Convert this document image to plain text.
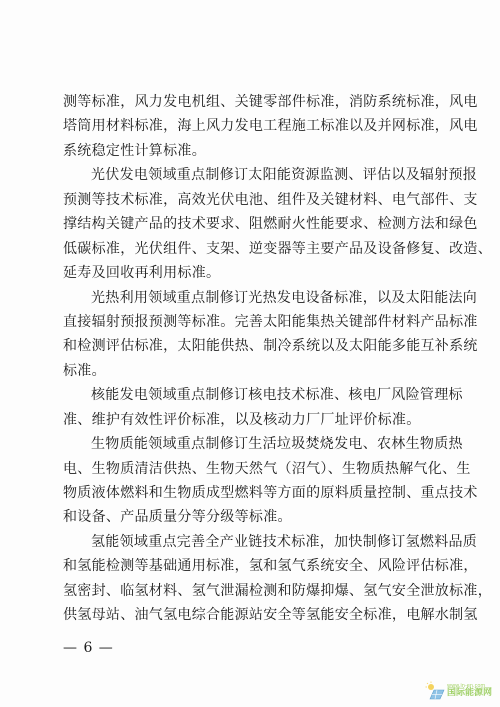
测等标准，风力发电机组、关键零部件标准，消防系统标准，风电
塔筒用材料标准，海上风力发电工程施工标准以及并网标准，风电
系统稳定性计算标准。
光伏发电领域重点制修订太阳能资源监测、评估以及辐射预报
预测等技术标准，高效光伏电池、组件及关键材料、电气部件、支
撑结构关键产品的技术要求、阻燃耐火性能要求、检测方法和绿色
低碳标准，光伏组件、支架、逆变器等主要产品及设备修复、改造、
延寿及回收再利用标准。
光热利用领域重点制修订光热发电设备标准，以及太阳能法向
直接辐射预报预测等标准。完善太阳能集热关键部件材料产品标准
和检测评估标准，太阳能供热、制冷系统以及太阳能多能互补系统
标准。
核能发电领域重点制修订核电技术标准、核电厂风险管理标
准、维护有效性评价标准，以及核动力厂厂址评价标准。
生物质能领域重点制修订生活垃圾焚烧发电、农林生物质热
电、生物质清洁供热、生物天然气（沼气）、生物质热解气化、生
物质液体燃料和生物质成型燃料等方面的原料质量控制、重点技术
和设备、产品质量分等分级等标准。
氢能领域重点完善全产业链技术标准，加快制修订氢燃料品质
和氢能检测等基础通用标准，氢和氢气系统安全、风险评估标准，
氢密封、临氢材料、氢气泄漏检测和防爆抑爆、氢气安全泄放标准，
供氢母站、油气氢电综合能源站安全等氢能安全标准，电解水制氢
— 6 —
www.in-en.com
国际能源网
